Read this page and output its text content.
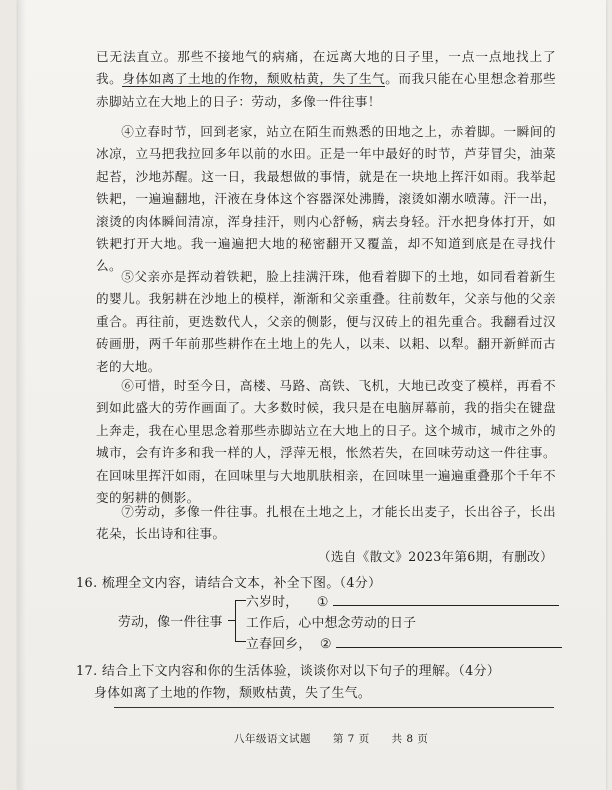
已无法直立。那些不接地气的病痛，在远离大地的日子里，一点一点地找上了我。身体如离了土地的作物，颓败枯黄，失了生气。而我只能在心里想念着那些赤脚站立在大地上的日子：劳动，多像一件往事！
④立春时节，回到老家，站立在陌生而熟悉的田地之上，赤着脚。一瞬间的冰凉，立马把我拉回多年以前的水田。正是一年中最好的时节，芦芽冒尖，油菜起苔，沙地苏醒。这一日，我最想做的事情，就是在一块地上挥汗如雨。我举起铁耙，一遍遍翻地，汗液在身体这个容器深处沸腾，滚烫如潮水喷薄。汗一出，滚烫的肉体瞬间清凉，浑身挂汗，则内心舒畅，病去身轻。汗水把身体打开，如铁耙打开大地。我一遍遍把大地的秘密翻开又覆盖，却不知道到底是在寻找什么。
⑤父亲亦是挥动着铁耙，脸上挂满汗珠，他看着脚下的土地，如同看着新生的婴儿。我躬耕在沙地上的模样，渐渐和父亲重叠。往前数年，父亲与他的父亲重合。再往前，更迭数代人，父亲的侧影，便与汉砖上的祖先重合。我翻看过汉砖画册，两千年前那些耕作在土地上的先人，以耒、以耜、以犁。翻开新鲜而古老的大地。
⑥可惜，时至今日，高楼、马路、高铁、飞机，大地已改变了模样，再看不到如此盛大的劳作画面了。大多数时候，我只是在电脑屏幕前，我的指尖在键盘上奔走，我在心里思念着那些赤脚站立在大地上的日子。这个城市，城市之外的城市，会有许多和我一样的人，浮萍无根，怅然若失，在回味劳动这一件往事。在回味里挥汗如雨，在回味里与大地肌肤相亲，在回味里一遍遍重叠那个千年不变的躬耕的侧影。
⑦劳动，多像一件往事。扎根在土地之上，才能长出麦子，长出谷子，长出花朵，长出诗和往事。
（选自《散文》2023年第6期，有删改）
16. 梳理全文内容，请结合文本，补全下图。（4分）
劳动，像一件往事
六岁时， ①
工作后，心中想念劳动的日子
立春回乡， ②
17. 结合上下文内容和你的生活体验，谈谈你对以下句子的理解。（4分）
身体如离了土地的作物，颓败枯黄，失了生气。
八年级语文试题 第 7 页 共 8 页
